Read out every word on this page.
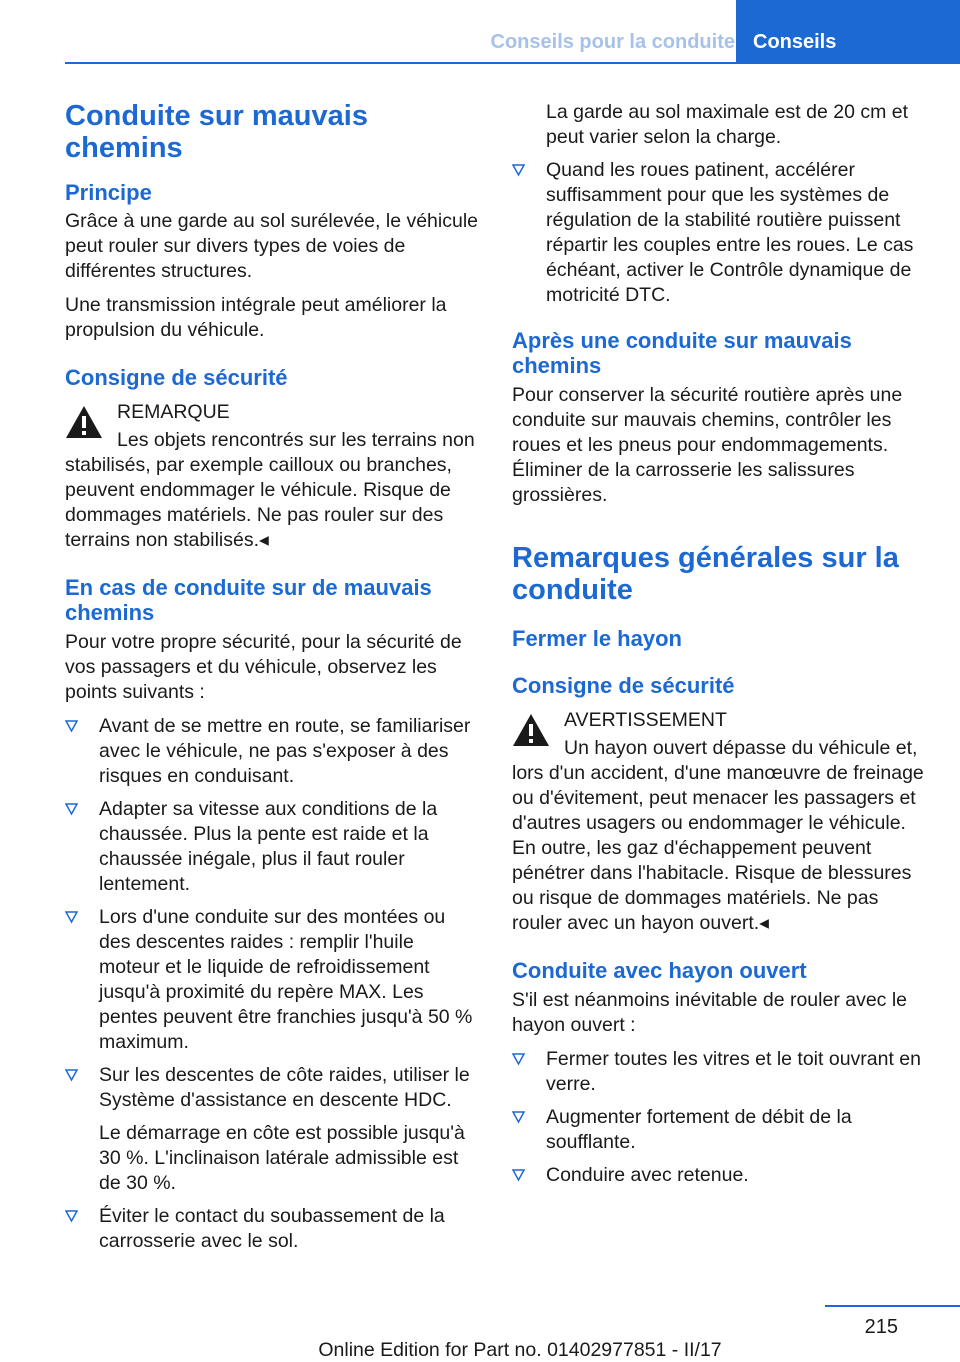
Conseils pour la conduite Conseils
Conduite sur mauvais chemins
Principe

Grâce à une garde au sol surélevée, le véhicule peut rouler sur divers types de voies de différentes structures.

Une transmission intégrale peut améliorer la propulsion du véhicule.

Consigne de sécurité
REMARQUE

Les objets rencontrés sur les terrains non stabilisés, par exemple cailloux ou branches, peuvent endommager le véhicule. Risque de dommages matériels. Ne pas rouler sur des terrains non stabilisés.◂

En cas de conduite sur de mauvais chemins

Pour votre propre sécurité, pour la sécurité de vos passagers et du véhicule, observez les points suivants :

Avant de se mettre en route, se familiariser avec le véhicule, ne pas s'exposer à des risques en conduisant.
Adapter sa vitesse aux conditions de la chaussée. Plus la pente est raide et la chaussée inégale, plus il faut rouler lentement.
Lors d'une conduite sur des montées ou des descentes raides : remplir l'huile moteur et le liquide de refroidissement jusqu'à proximité du repère MAX. Les pentes peuvent être franchies jusqu'à 50 % maximum.
Sur les descentes de côte raides, utiliser le Système d'assistance en descente HDC.
Le démarrage en côte est possible jusqu'à 30 %. L'inclinaison latérale admissible est de 30 %.
Éviter le contact du soubassement de la carrosserie avec le sol.
La garde au sol maximale est de 20 cm et peut varier selon la charge.
Quand les roues patinent, accélérer suffisamment pour que les systèmes de régulation de la stabilité routière puissent répartir les couples entre les roues. Le cas échéant, activer le Contrôle dynamique de motricité DTC.
Après une conduite sur mauvais chemins

Pour conserver la sécurité routière après une conduite sur mauvais chemins, contrôler les roues et les pneus pour endommagements. Éliminer de la carrosserie les salissures grossières.

Remarques générales sur la conduite
Fermer le hayon
Consigne de sécurité
AVERTISSEMENT

Un hayon ouvert dépasse du véhicule et, lors d'un accident, d'une manœuvre de freinage ou d'évitement, peut menacer les passagers et d'autres usagers ou endommager le véhicule. En outre, les gaz d'échappement peuvent pénétrer dans l'habitacle. Risque de blessures ou risque de dommages matériels. Ne pas rouler avec un hayon ouvert.◂

Conduite avec hayon ouvert

S'il est néanmoins inévitable de rouler avec le hayon ouvert :

Fermer toutes les vitres et le toit ouvrant en verre.
Augmenter fortement de débit de la soufflante.
Conduire avec retenue.
215
Online Edition for Part no. 01402977851 - II/17
